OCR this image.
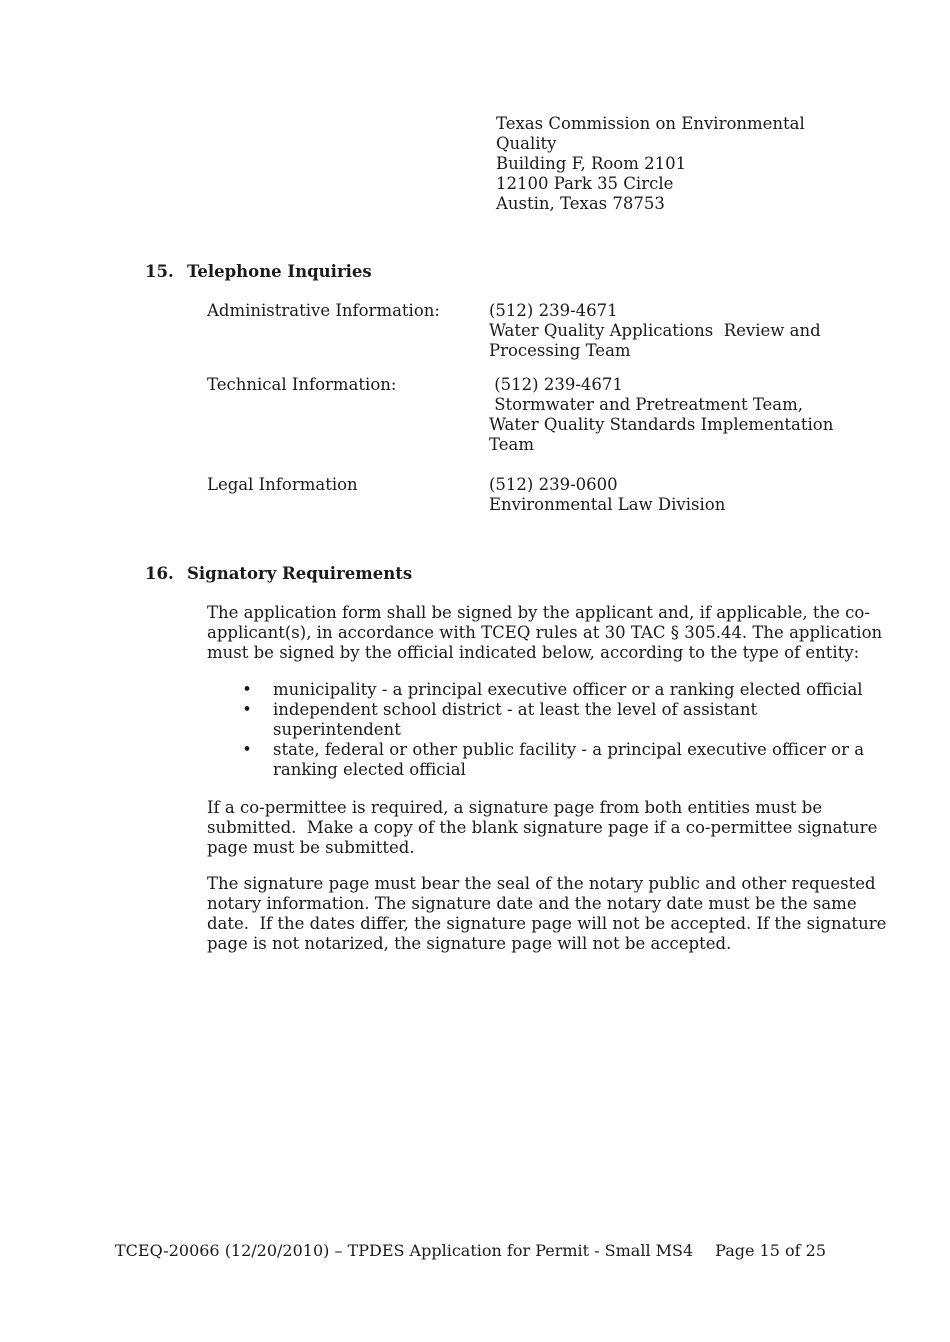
Texas Commission on Environmental
Quality
Building F, Room 2101
12100 Park 35 Circle
Austin, Texas 78753
15. Telephone Inquiries
Administrative Information:	(512) 239-4671
Water Quality Applications  Review and
Processing Team
Technical Information:	(512) 239-4671
Stormwater and Pretreatment Team,
Water Quality Standards Implementation
Team
Legal Information	(512) 239-0600
Environmental Law Division
16. Signatory Requirements
The application form shall be signed by the applicant and, if applicable, the co-
applicant(s), in accordance with TCEQ rules at 30 TAC § 305.44. The application
must be signed by the official indicated below, according to the type of entity:
• municipality - a principal executive officer or a ranking elected official
• independent school district - at least the level of assistant
superintendent
• state, federal or other public facility - a principal executive officer or a
ranking elected official
If a co-permittee is required, a signature page from both entities must be
submitted.  Make a copy of the blank signature page if a co-permittee signature
page must be submitted.
The signature page must bear the seal of the notary public and other requested
notary information. The signature date and the notary date must be the same
date.  If the dates differ, the signature page will not be accepted. If the signature
page is not notarized, the signature page will not be accepted.
TCEQ-20066 (12/20/2010) – TPDES Application for Permit - Small MS4 Page 15 of 25
